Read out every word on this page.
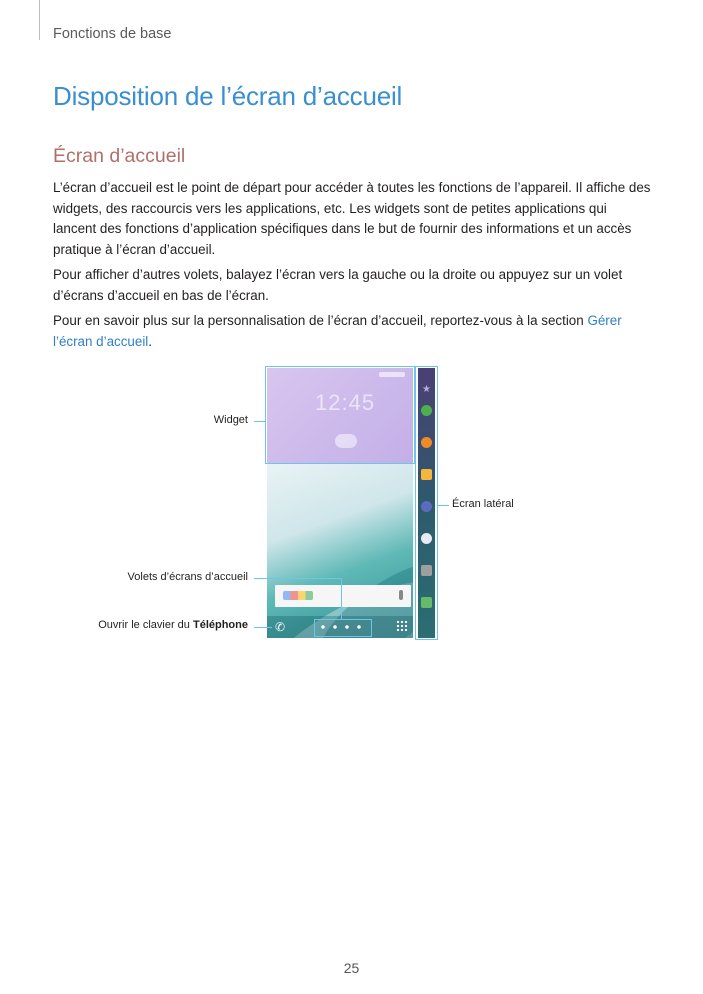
Fonctions de base
Disposition de l’écran d’accueil
Écran d’accueil

L’écran d’accueil est le point de départ pour accéder à toutes les fonctions de l’appareil. Il affiche des widgets, des raccourcis vers les applications, etc. Les widgets sont de petites applications qui lancent des fonctions d’application spécifiques dans le but de fournir des informations et un accès pratique à l’écran d’accueil.

Pour afficher d’autres volets, balayez l’écran vers la gauche ou la droite ou appuyez sur un volet d’écrans d’accueil en bas de l’écran.

Pour en savoir plus sur la personnalisation de l’écran d’accueil, reportez-vous à la section Gérer l’écran d’accueil.

12:45
✆
★
Widget
Écran latéral
Volets d’écrans d’accueil
Ouvrir le clavier du Téléphone
25
